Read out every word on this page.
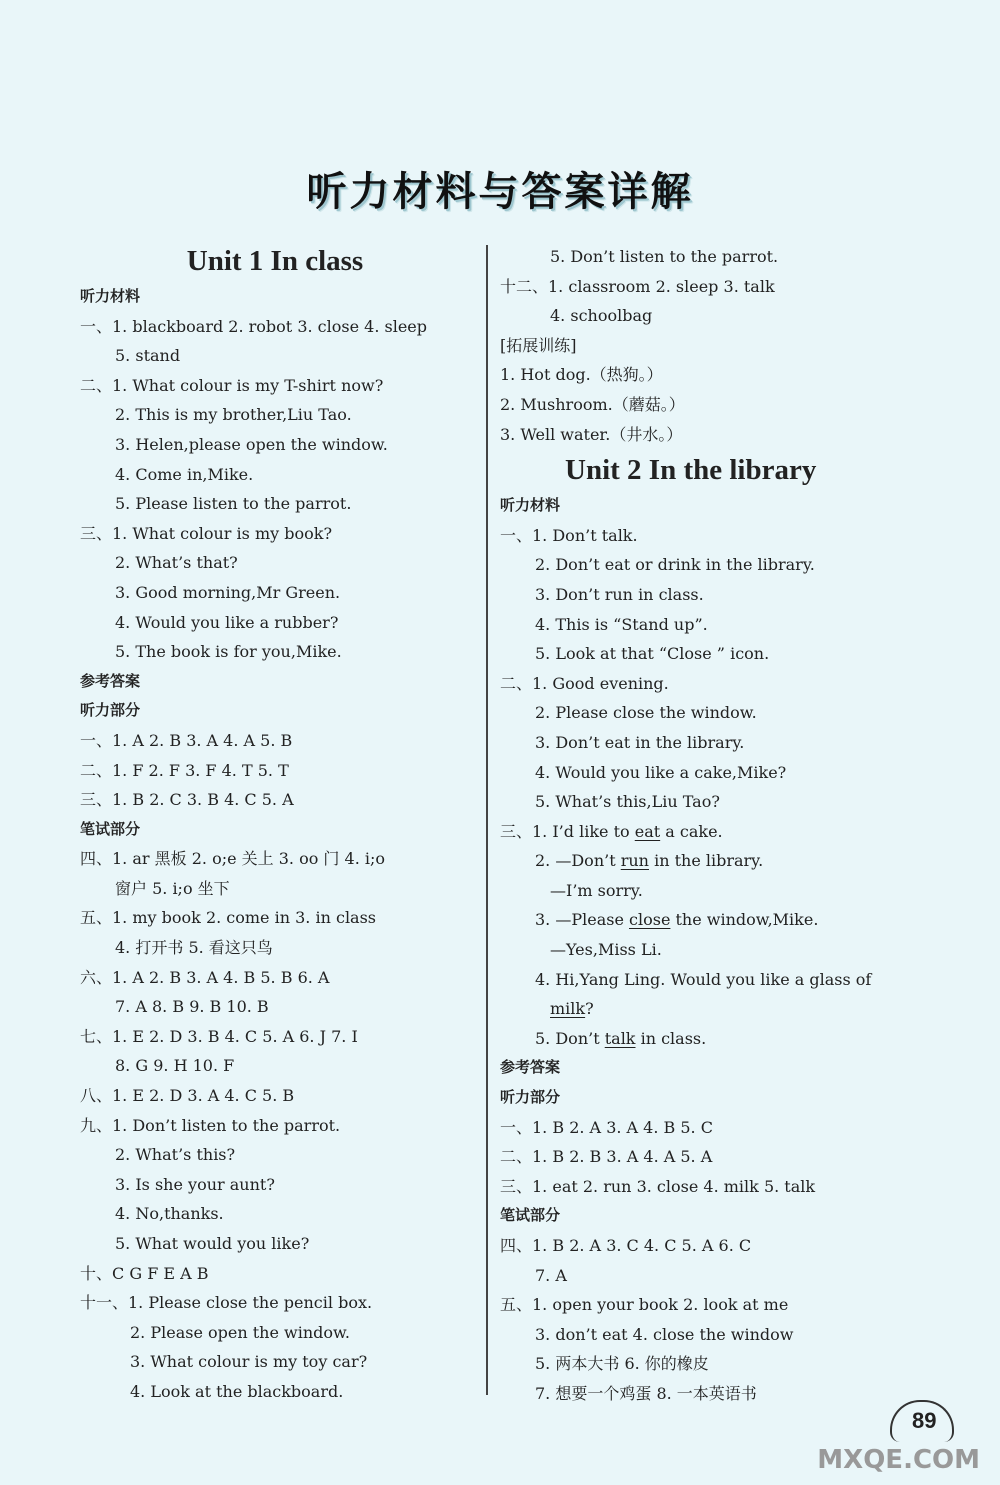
听力材料与答案详解
Unit 1 In class
听力材料
一、1. blackboard 2. robot 3. close 4. sleep
5. stand
二、1. What colour is my T-shirt now?
2. This is my brother,Liu Tao.
3. Helen,please open the window.
4. Come in,Mike.
5. Please listen to the parrot.
三、1. What colour is my book?
2. What’s that?
3. Good morning,Mr Green.
4. Would you like a rubber?
5. The book is for you,Mike.
参考答案
听力部分
一、1. A 2. B 3. A 4. A 5. B
二、1. F 2. F 3. F 4. T 5. T
三、1. B 2. C 3. B 4. C 5. A
笔试部分
四、1. ar 黑板 2. o;e 关上 3. oo 门 4. i;o
窗户 5. i;o 坐下
五、1. my book 2. come in 3. in class
4. 打开书 5. 看这只鸟
六、1. A 2. B 3. A 4. B 5. B 6. A
7. A 8. B 9. B 10. B
七、1. E 2. D 3. B 4. C 5. A 6. J 7. I
8. G 9. H 10. F
八、1. E 2. D 3. A 4. C 5. B
九、1. Don’t listen to the parrot.
2. What’s this?
3. Is she your aunt?
4. No,thanks.
5. What would you like?
十、C G F E A B
十一、1. Please close the pencil box.
2. Please open the window.
3. What colour is my toy car?
4. Look at the blackboard.
5. Don’t listen to the parrot.
十二、1. classroom 2. sleep 3. talk
4. schoolbag
[拓展训练]
1. Hot dog.（热狗。）
2. Mushroom.（蘑菇。）
3. Well water.（井水。）
Unit 2 In the library
听力材料
一、1. Don’t talk.
2. Don’t eat or drink in the library.
3. Don’t run in class.
4. This is “Stand up”.
5. Look at that “Close ” icon.
二、1. Good evening.
2. Please close the window.
3. Don’t eat in the library.
4. Would you like a cake,Mike?
5. What’s this,Liu Tao?
三、1. I’d like to eat a cake.
2. —Don’t run in the library.
—I’m sorry.
3. —Please close the window,Mike.
—Yes,Miss Li.
4. Hi,Yang Ling. Would you like a glass of
milk?
5. Don’t talk in class.
参考答案
听力部分
一、1. B 2. A 3. A 4. B 5. C
二、1. B 2. B 3. A 4. A 5. A
三、1. eat 2. run 3. close 4. milk 5. talk
笔试部分
四、1. B 2. A 3. C 4. C 5. A 6. C
7. A
五、1. open your book 2. look at me
3. don’t eat 4. close the window
5. 两本大书 6. 你的橡皮
7. 想要一个鸡蛋 8. 一本英语书
89
MXQE.COM
